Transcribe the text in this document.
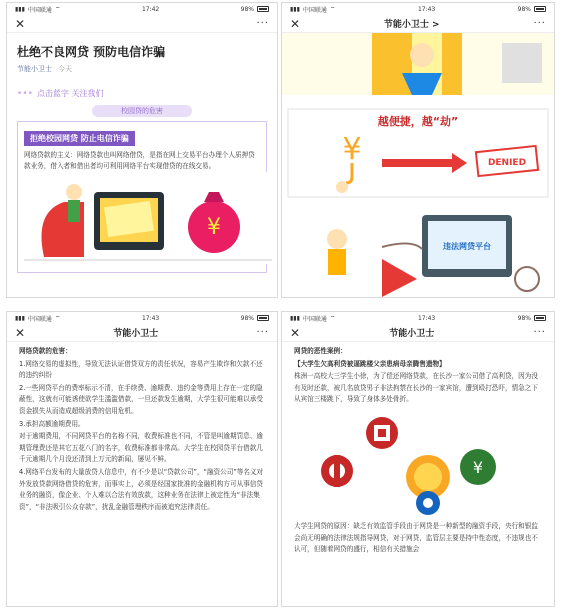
▮▮▮ 中国联通 ⌔	17:42	98%
✕	···
杜绝不良网贷 预防电信诈骗
节能小卫士 今天
••• 点击蓝字 关注我们
校园贷的危害
拒绝校园网贷 防止电信诈骗
网络贷款的主义：网络贷款也叫网络借贷，是指在网上交易平台办理个人质押贷款业务，借入者和借出者均可利用网络平台实现借贷的在线交易。
¥
▮▮▮ 中国联通 ⌔	17:43	98%
✕	节能小卫士 >	···
越便捷，越“劫”
¥	DENIED
违法网贷平台
▮▮▮ 中国联通 ⌔	17:43	98%
✕	节能小卫士	···

网络贷款的危害：

1.网络交易的虚拟性，导致无法认证借贷双方的责任状况，容易产生欺诈和欠款不还的违约纠纷

2.一些网贷平台的费率标示不清，在手续费、逾期费、违约金等费用上存在一定的隐蔽性，这就有可能诱使欲学生滥滥借款，一旦还款发生逾期，大学生很可能难以承受资金损失从而造成超级消费的信用危机。

3.承担高额逾期费用。

对于逾期费用，不同网贷平台的名称不同，收费标准也不同，不管是叫逾期罚息、逾期管理费还是其它五花八门的名字，收费标准都非常高。大学生在校园贷平台借款几千元逾期几个月没还清到上万元的新闻，屡见不鲜。

4.网络平台发布的大量放贷人信息中，有不少是以“贷款公司”，“融资公司”等名义对外发放贷款网络借贷的危害，而事实上，必须是经国家批准的金融机构方可从事信贷业务的融资，像企业、个人难以合法有效放款，这种业务在法律上被定性为“非法集资”，“非法吸引公众存款”，扰乱金融管理秩序而被追究法律责任。

▮▮▮ 中国联通 ⌔	17:43	98%
✕	节能小卫士	···

网贷的恶性案例：

【大学生欠高利贷被逼跳楼父亲患病母亲腾售遗物】

株洲一高校大三学生小徐，为了偿还网络贷款，在长沙一家公司借了高利贷，因为没有及时还款，被几名放贷男子非法拘禁在长沙的一家宾馆，遭到殴打恐吓，情急之下从宾馆三楼跳下，导致了身体多处骨折。

¥

大学生网贷的原因：缺乏有效监管手段由于网贷是一种新型的融资手段，央行和银监会尚无明确的法律法规指导网贷，对于网贷，监管层主要是持中性态度，不违规也不认可，但随着网贷的盛行，相信有关措施会
